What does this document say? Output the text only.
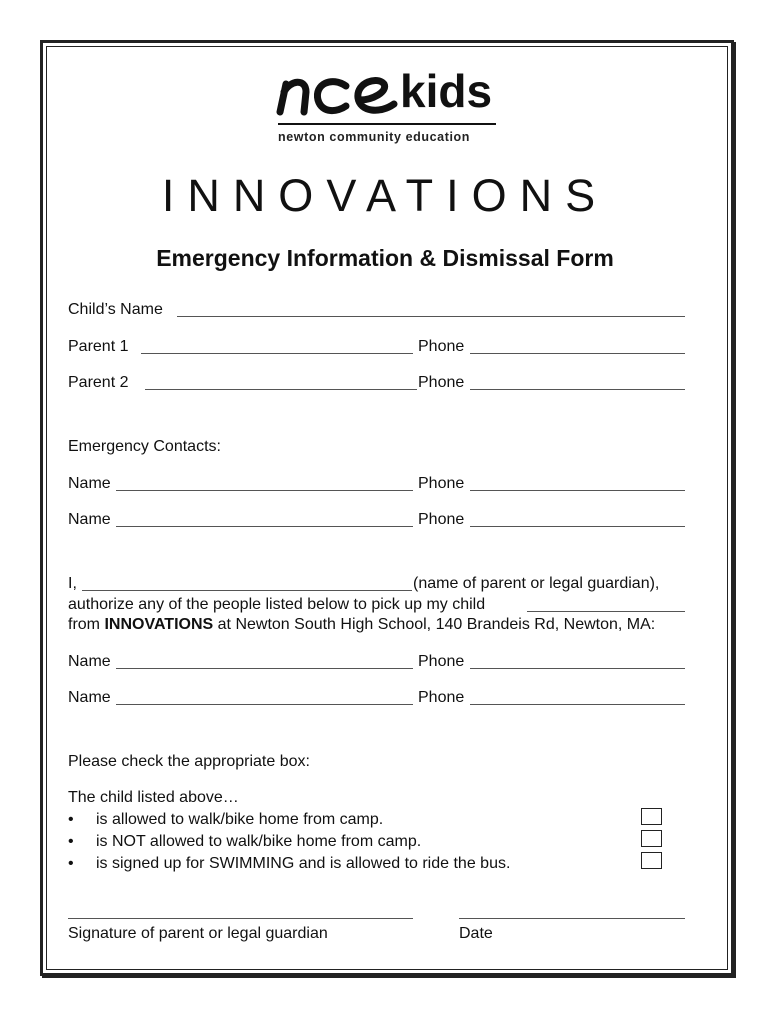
kids
newton community education
INNOVATIONS
Emergency Information & Dismissal Form
Child’s Name
Parent 1	Phone
Parent 2	Phone
Emergency Contacts:
Name	Phone
Name	Phone
I,	(name of parent or legal guardian),
authorize any of the people listed below to pick up my child
from INNOVATIONS at Newton South High School, 140 Brandeis Rd, Newton, MA:
Name	Phone
Name	Phone
Please check the appropriate box:
The child listed above…
• is allowed to walk/bike home from camp.
• is NOT allowed to walk/bike home from camp.
• is signed up for SWIMMING and is allowed to ride the bus.
Signature of parent or legal guardian	Date
